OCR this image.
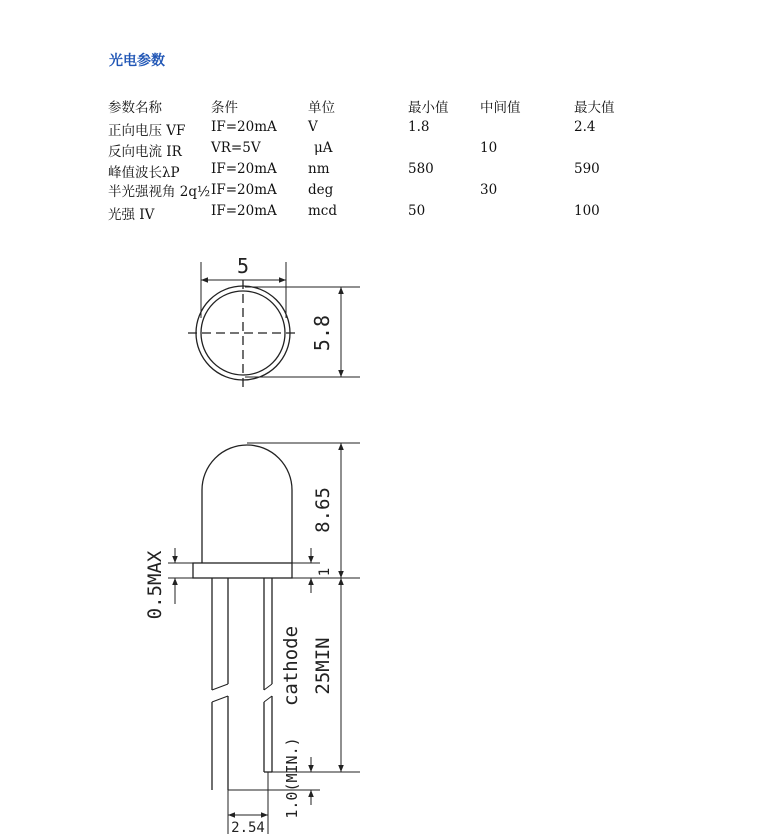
光电参数
参数名称	条件	单位	最小值	中间值	最大值
正向电压 VF	IF=20mA	V	1.8		2.4
反向电流 IR	VR=5V	μA		10	
峰值波长λP	IF=20mA	nm	580		590

半光强视角 2q½	IF=20mA	deg		30	
光强 IV	IF=20mA	mcd	50		100
5
5.8
8.65
1
25MIN
cathode
0.5MAX
1.0(MIN.)
2.54
